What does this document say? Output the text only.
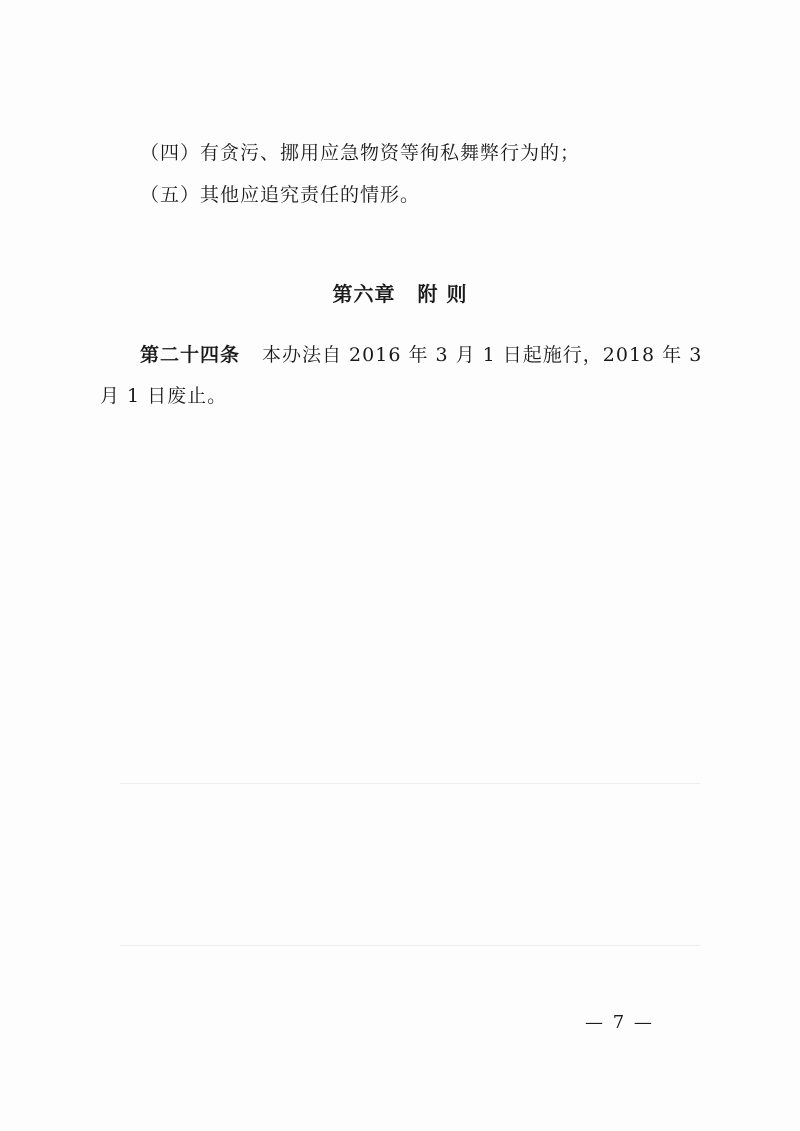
（四）有贪污、挪用应急物资等徇私舞弊行为的；
（五）其他应追究责任的情形。
第六章 附 则
第二十四条 本办法自 2016 年 3 月 1 日起施行，2018 年 3
月 1 日废止。
— 7 —
